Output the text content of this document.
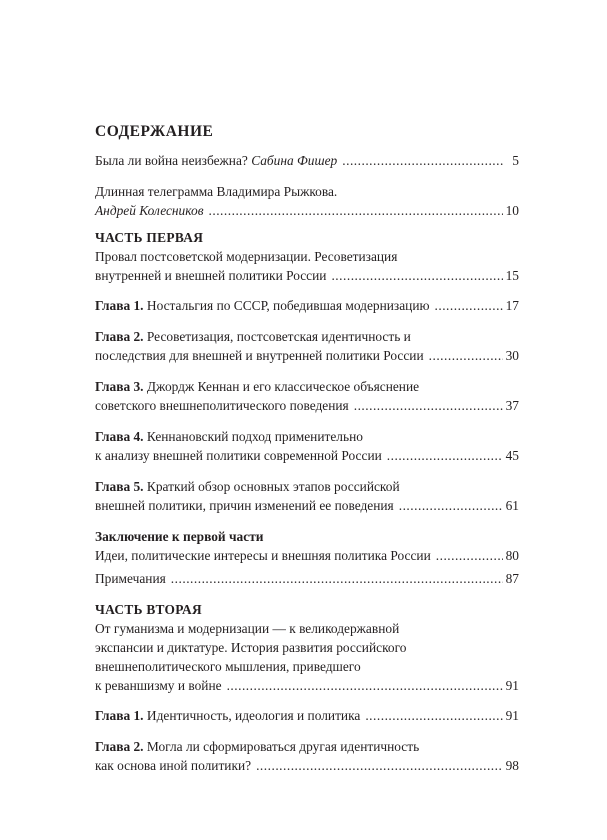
СОДЕРЖАНИЕ
Была ли война неизбежна? Сабина Фишер .....	5
Длинная телеграмма Владимира Рыжкова.
Андрей Колесников .....	10
ЧАСТЬ ПЕРВАЯ
Провал постсоветской модернизации. Ресоветизация
внутренней и внешней политики России .....	15
Глава 1. Ностальгия по СССР, победившая модернизацию .....	17
Глава 2. Ресоветизация, постсоветская идентичность и
последствия для внешней и внутренней политики России .....	30
Глава 3. Джордж Кеннан и его классическое объяснение
советского внешнеполитического поведения .....	37
Глава 4. Кеннановский подход применительно
к анализу внешней политики современной России .....	45
Глава 5. Краткий обзор основных этапов российской
внешней политики, причин изменений ее поведения .....	61
Заключение к первой части
Идеи, политические интересы и внешняя политика России .....	80
Примечания .....	87
ЧАСТЬ ВТОРАЯ
От гуманизма и модернизации — к великодержавной
экспансии и диктатуре. История развития российского
внешнеполитического мышления, приведшего
к реваншизму и войне .....	91
Глава 1. Идентичность, идеология и политика .....	91
Глава 2. Могла ли сформироваться другая идентичность
как основа иной политики? .....	98
